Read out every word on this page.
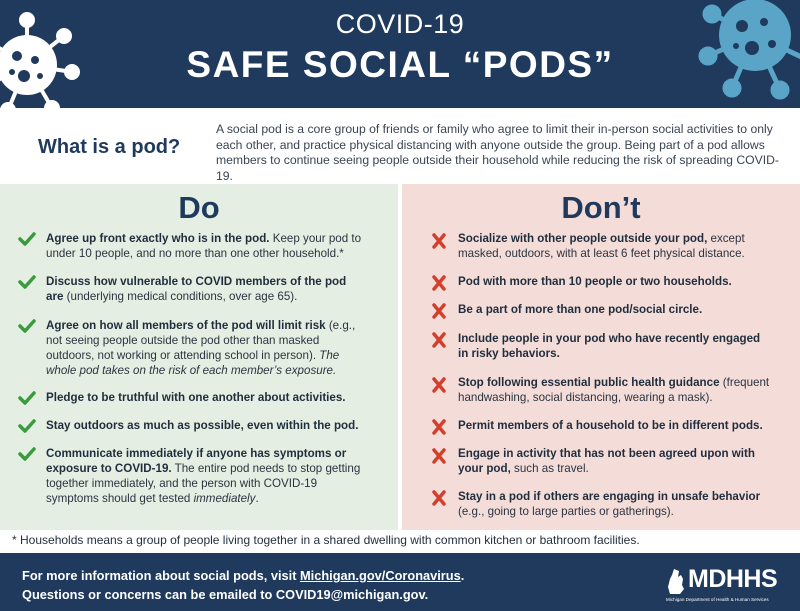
COVID-19
SAFE SOCIAL “PODS”
What is a pod?
A social pod is a core group of friends or family who agree to limit their in-person social activities to only each other, and practice physical distancing with anyone outside the group. Being part of a pod allows members to continue seeing people outside their household while reducing the risk of spreading COVID-19.
Do
Agree up front exactly who is in the pod. Keep your pod to under 10 people, and no more than one other household.*
Discuss how vulnerable to COVID members of the pod are (underlying medical conditions, over age 65).
Agree on how all members of the pod will limit risk (e.g., not seeing people outside the pod other than masked outdoors, not working or attending school in person). The whole pod takes on the risk of each member’s exposure.
Pledge to be truthful with one another about activities.
Stay outdoors as much as possible, even within the pod.
Communicate immediately if anyone has symptoms or exposure to COVID-19. The entire pod needs to stop getting together immediately, and the person with COVID-19 symptoms should get tested immediately.
Don’t
Socialize with other people outside your pod, except masked, outdoors, with at least 6 feet physical distance.
Pod with more than 10 people or two households.
Be a part of more than one pod/social circle.
Include people in your pod who have recently engaged in risky behaviors.
Stop following essential public health guidance (frequent handwashing, social distancing, wearing a mask).
Permit members of a household to be in different pods.
Engage in activity that has not been agreed upon with your pod, such as travel.
Stay in a pod if others are engaging in unsafe behavior (e.g., going to large parties or gatherings).
* Households means a group of people living together in a shared dwelling with common kitchen or bathroom facilities.
For more information about social pods, visit Michigan.gov/Coronavirus.
Questions or concerns can be emailed to COVID19@michigan.gov.
MDHHS
Michigan Department of Health & Human Services
